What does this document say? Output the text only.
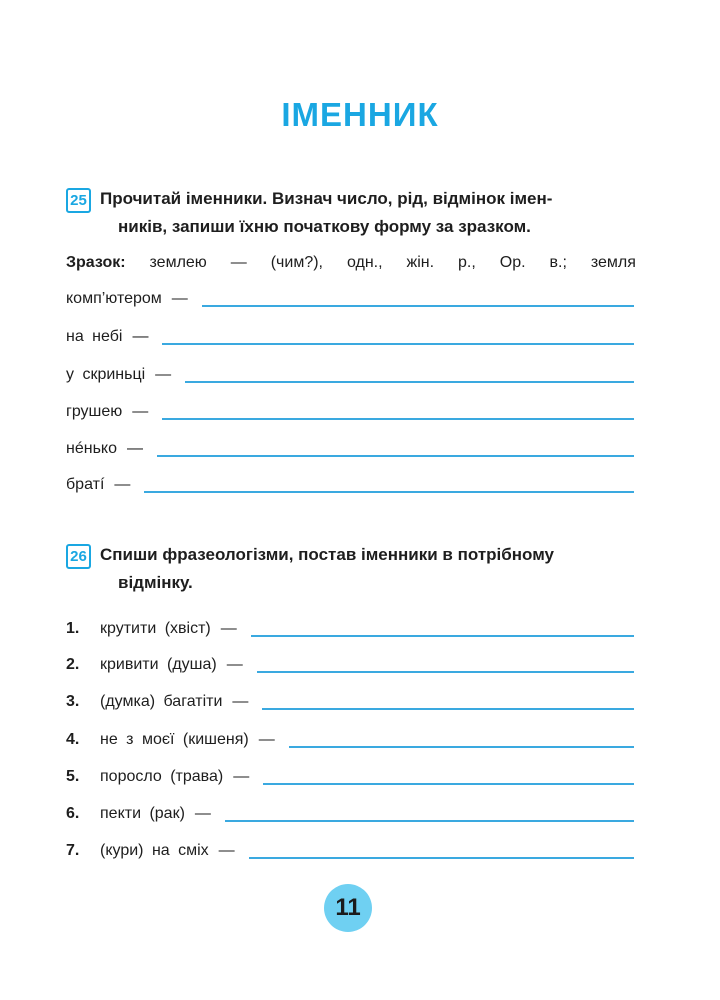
ІМЕННИК
25 Прочитай іменники. Визнач число, рід, відмінок імен-
ників, запиши їхню початкову форму за зразком.
Зразок: землею — (чим?), одн., жін. р., Ор. в.; земля
комп’ютером —
на небі —
у скриньці —
грушею —
нéнько —
братí —
26 Спиши фразеологізми, постав іменники в потрібному
відмінку.
1.	крутити (хвіст) —
2.	кривити (душа) —
3.	(думка) багатіти —
4.	не з моєї (кишеня) —
5.	поросло (трава) —
6.	пекти (рак) —
7.	(кури) на сміх —
11
